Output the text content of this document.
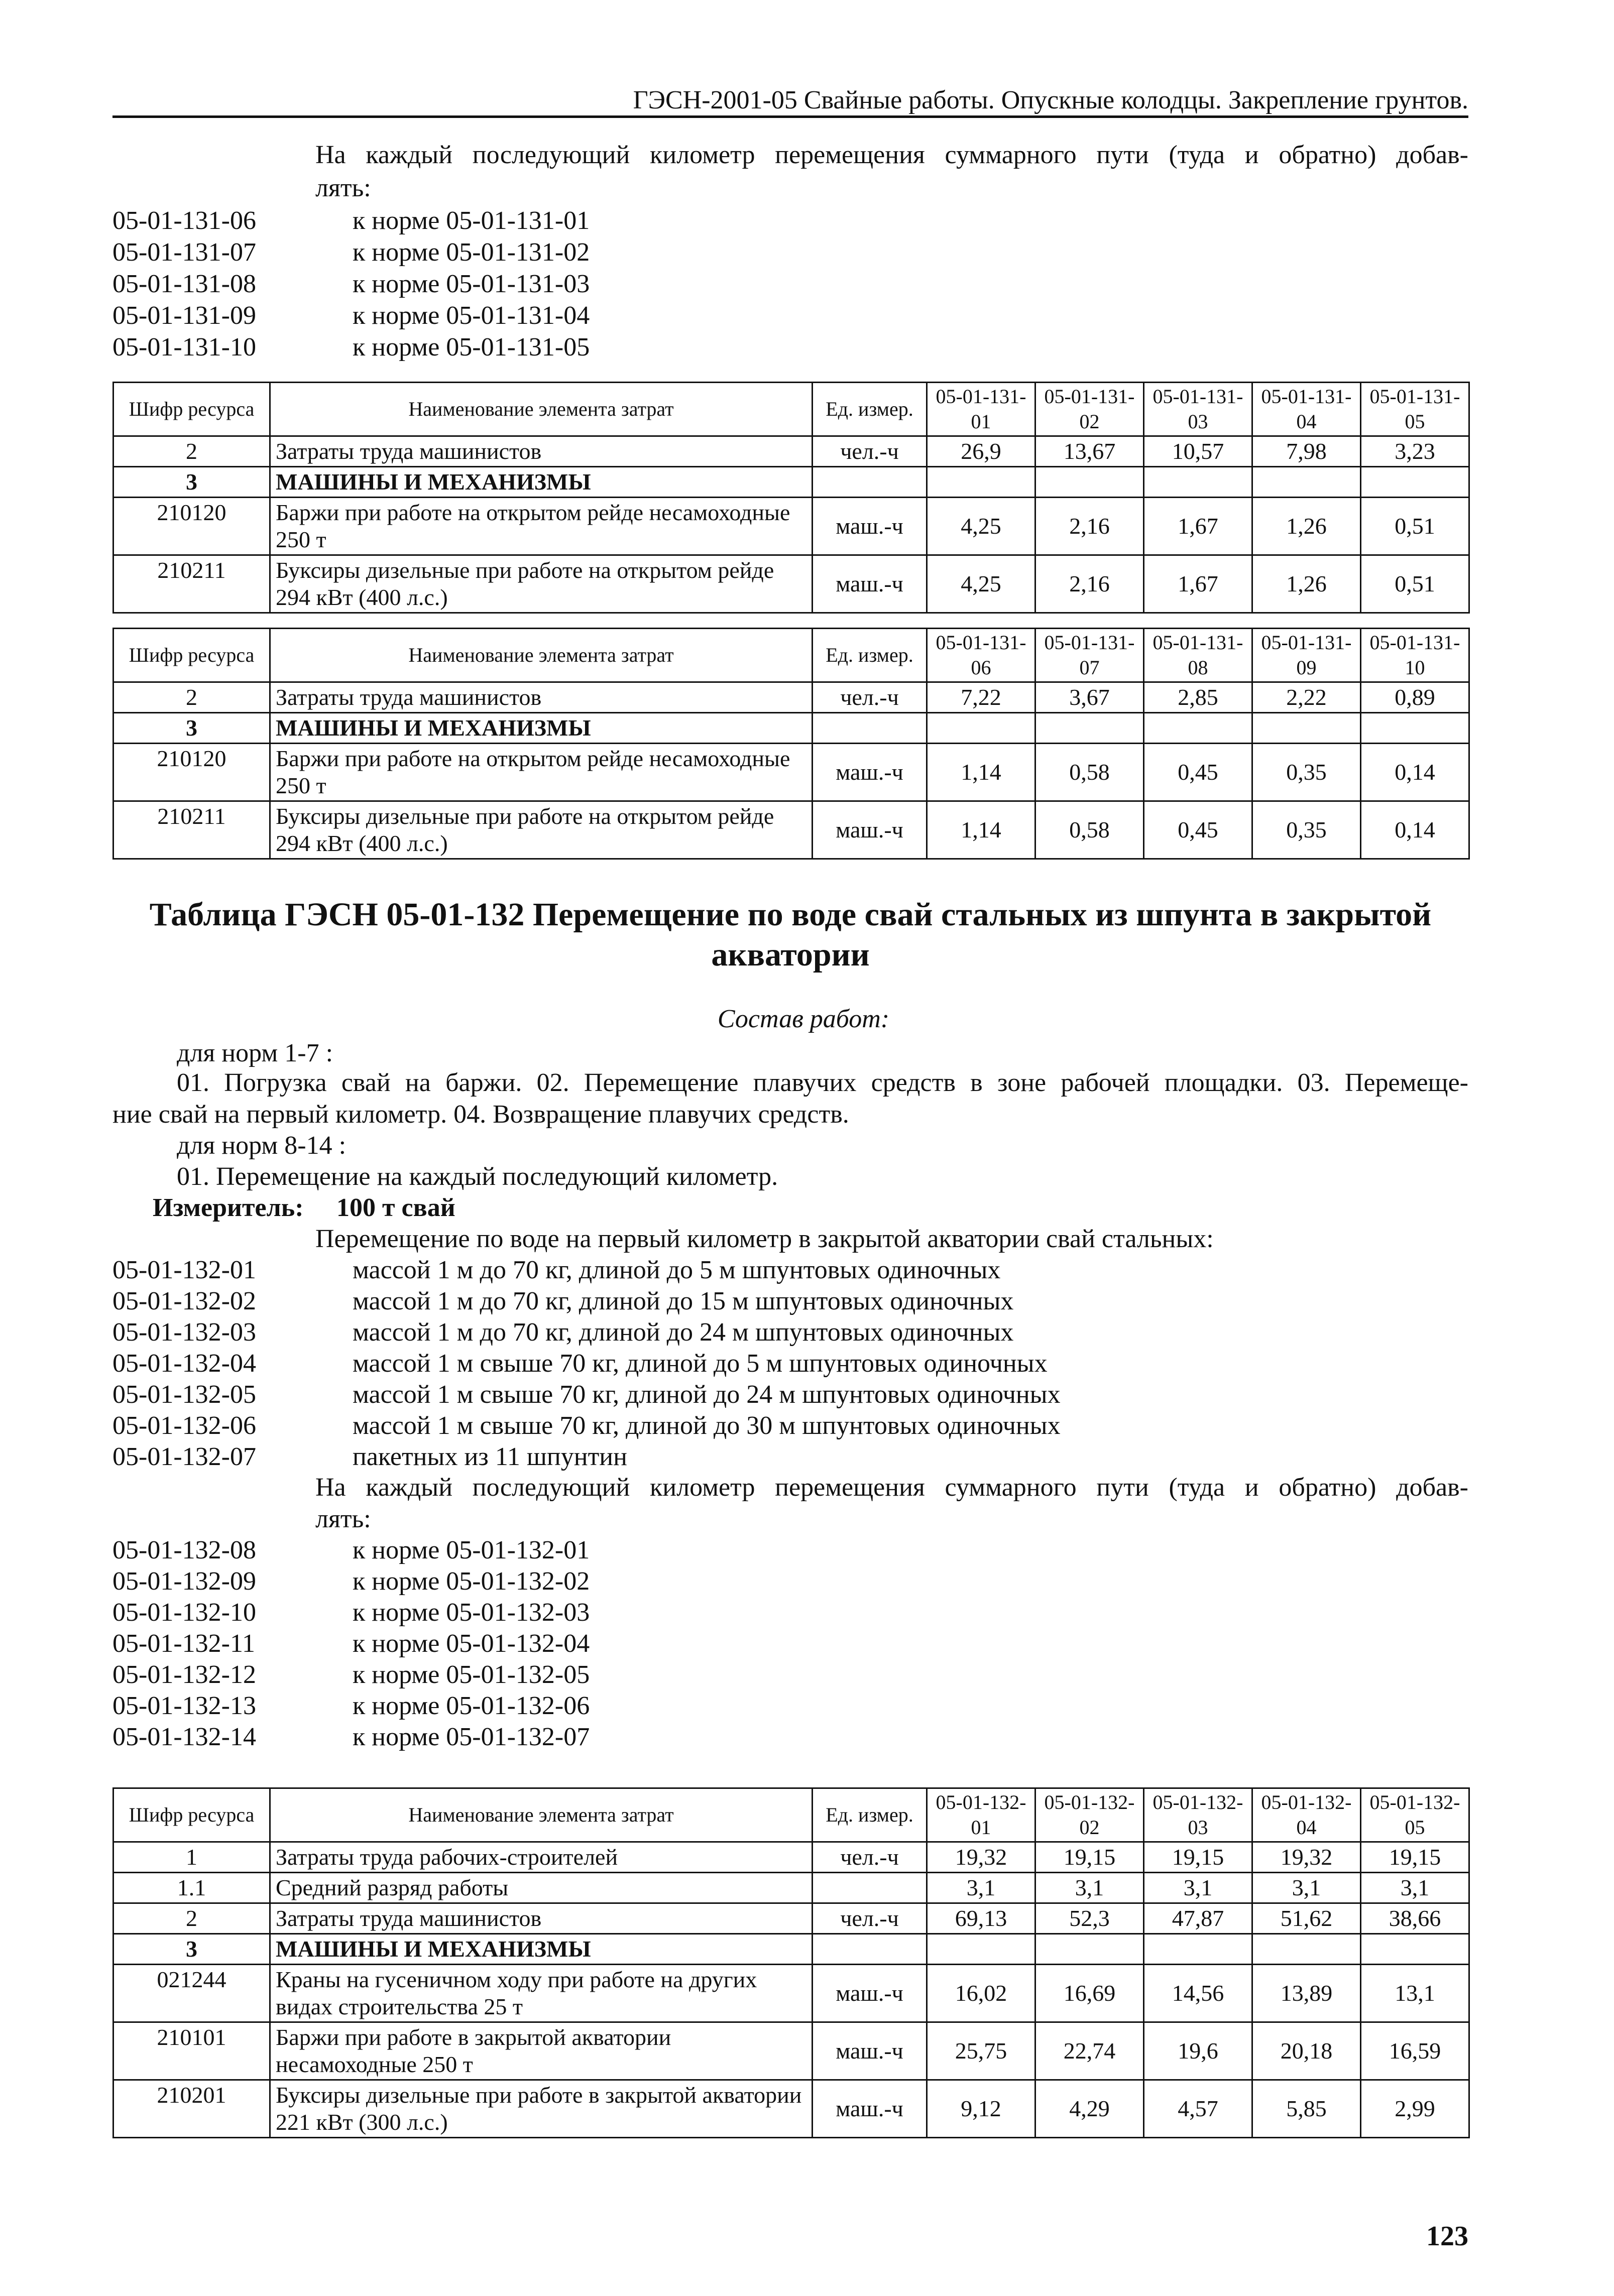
ГЭСН-2001-05 Свайные работы. Опускные колодцы. Закрепление грунтов.
На каждый последующий километр перемещения суммарного пути (туда и обратно) добав-
лять:
05-01-131-06	к норме 05-01-131-01
05-01-131-07	к норме 05-01-131-02
05-01-131-08	к норме 05-01-131-03
05-01-131-09	к норме 05-01-131-04
05-01-131-10	к норме 05-01-131-05
Шифр ресурса	Наименование элемента затрат	Ед. измер.	05-01-131-01	05-01-131-02	05-01-131-03	05-01-131-04	05-01-131-05
2	Затраты труда машинистов	чел.-ч	26,9	13,67	10,57	7,98	3,23
3	МАШИНЫ И МЕХАНИЗМЫ						
210120	Баржи при работе на открытом рейде несамоходные 250 т	маш.-ч	4,25	2,16	1,67	1,26	0,51
210211	Буксиры дизельные при работе на открытом рейде 294 кВт (400 л.с.)	маш.-ч	4,25	2,16	1,67	1,26	0,51
Шифр ресурса	Наименование элемента затрат	Ед. измер.	05-01-131-06	05-01-131-07	05-01-131-08	05-01-131-09	05-01-131-10
2	Затраты труда машинистов	чел.-ч	7,22	3,67	2,85	2,22	0,89
3	МАШИНЫ И МЕХАНИЗМЫ						
210120	Баржи при работе на открытом рейде несамоходные 250 т	маш.-ч	1,14	0,58	0,45	0,35	0,14
210211	Буксиры дизельные при работе на открытом рейде 294 кВт (400 л.с.)	маш.-ч	1,14	0,58	0,45	0,35	0,14
Таблица ГЭСН 05-01-132 Перемещение по воде свай стальных из шпунта в закрытой акватории
Состав работ:
для норм 1-7 :
01. Погрузка свай на баржи. 02. Перемещение плавучих средств в зоне рабочей площадки. 03. Перемеще-
ние свай на первый километр. 04. Возвращение плавучих средств.
для норм 8-14 :
01. Перемещение на каждый последующий километр.
Измеритель: 100 т свай
Перемещение по воде на первый километр в закрытой акватории свай стальных:
05-01-132-01	массой 1 м до 70 кг, длиной до 5 м шпунтовых одиночных
05-01-132-02	массой 1 м до 70 кг, длиной до 15 м шпунтовых одиночных
05-01-132-03	массой 1 м до 70 кг, длиной до 24 м шпунтовых одиночных
05-01-132-04	массой 1 м свыше 70 кг, длиной до 5 м шпунтовых одиночных
05-01-132-05	массой 1 м свыше 70 кг, длиной до 24 м шпунтовых одиночных
05-01-132-06	массой 1 м свыше 70 кг, длиной до 30 м шпунтовых одиночных
05-01-132-07	пакетных из 11 шпунтин
На каждый последующий километр перемещения суммарного пути (туда и обратно) добав-
лять:
05-01-132-08	к норме 05-01-132-01
05-01-132-09	к норме 05-01-132-02
05-01-132-10	к норме 05-01-132-03
05-01-132-11	к норме 05-01-132-04
05-01-132-12	к норме 05-01-132-05
05-01-132-13	к норме 05-01-132-06
05-01-132-14	к норме 05-01-132-07
Шифр ресурса	Наименование элемента затрат	Ед. измер.	05-01-132-01	05-01-132-02	05-01-132-03	05-01-132-04	05-01-132-05
1	Затраты труда рабочих-строителей	чел.-ч	19,32	19,15	19,15	19,32	19,15
1.1	Средний разряд работы		3,1	3,1	3,1	3,1	3,1
2	Затраты труда машинистов	чел.-ч	69,13	52,3	47,87	51,62	38,66
3	МАШИНЫ И МЕХАНИЗМЫ						
021244	Краны на гусеничном ходу при работе на других видах строительства 25 т	маш.-ч	16,02	16,69	14,56	13,89	13,1
210101	Баржи при работе в закрытой акватории несамоходные 250 т	маш.-ч	25,75	22,74	19,6	20,18	16,59
210201	Буксиры дизельные при работе в закрытой акватории 221 кВт (300 л.с.)	маш.-ч	9,12	4,29	4,57	5,85	2,99
123
